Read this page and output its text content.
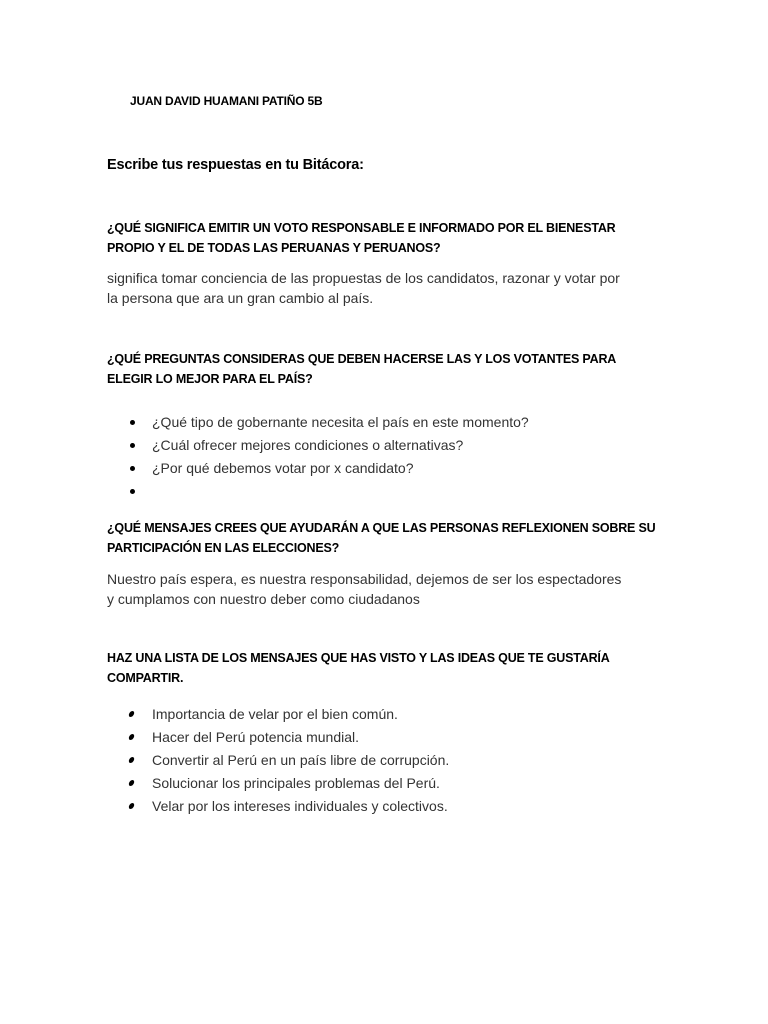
JUAN DAVID HUAMANI PATIÑO 5B
Escribe tus respuestas en tu Bitácora:
¿QUÉ SIGNIFICA EMITIR UN VOTO RESPONSABLE E INFORMADO POR EL BIENESTAR
PROPIO Y EL DE TODAS LAS PERUANAS Y PERUANOS?
significa tomar conciencia de las propuestas de los candidatos, razonar y votar por
la persona que ara un gran cambio al país.
¿QUÉ PREGUNTAS CONSIDERAS QUE DEBEN HACERSE LAS Y LOS VOTANTES PARA
ELEGIR LO MEJOR PARA EL PAÍS?
¿Qué tipo de gobernante necesita el país en este momento?
¿Cuál ofrecer mejores condiciones o alternativas?
¿Por qué debemos votar por x candidato?
¿QUÉ MENSAJES CREES QUE AYUDARÁN A QUE LAS PERSONAS REFLEXIONEN SOBRE SU
PARTICIPACIÓN EN LAS ELECCIONES?
Nuestro país espera, es nuestra responsabilidad, dejemos de ser los espectadores
y cumplamos con nuestro deber como ciudadanos
HAZ UNA LISTA DE LOS MENSAJES QUE HAS VISTO Y LAS IDEAS QUE TE GUSTARÍA
COMPARTIR.
Importancia de velar por el bien común.
Hacer del Perú potencia mundial.
Convertir al Perú en un país libre de corrupción.
Solucionar los principales problemas del Perú.
Velar por los intereses individuales y colectivos.
